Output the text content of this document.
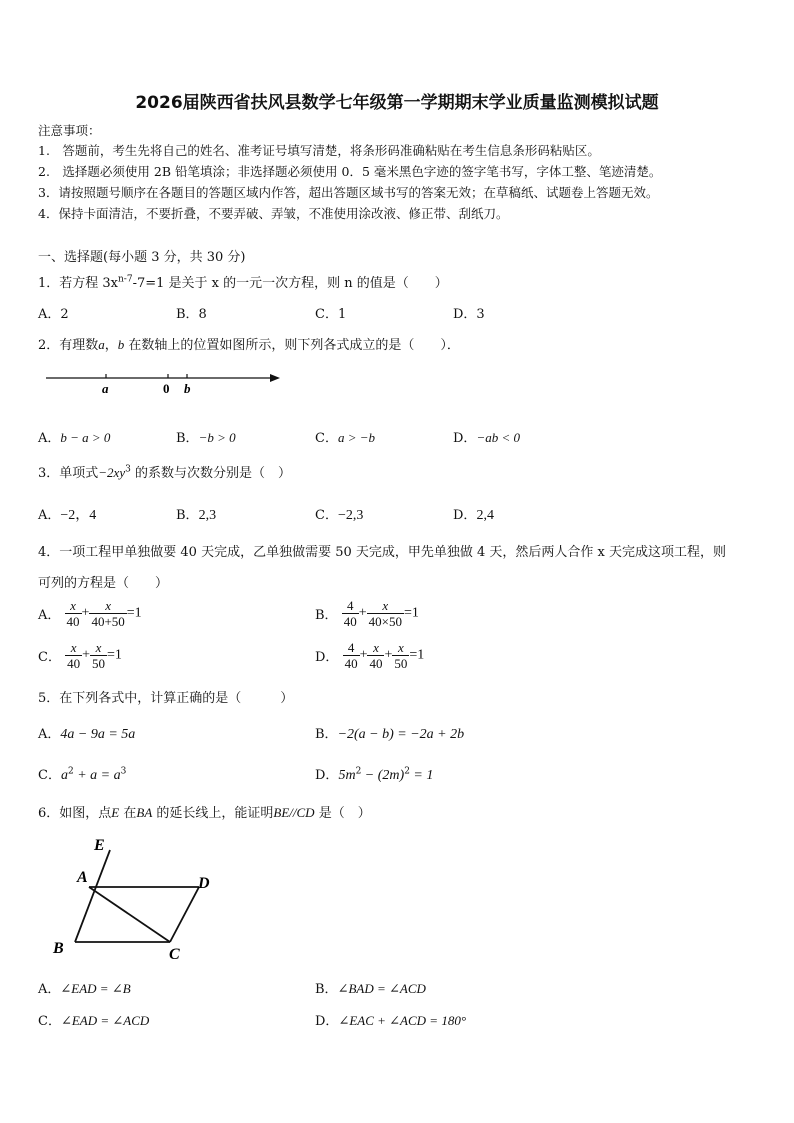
2026届陕西省扶风县数学七年级第一学期期末学业质量监测模拟试题
注意事项：
1.　答题前，考生先将自己的姓名、准考证号填写清楚，将条形码准确粘贴在考生信息条形码粘贴区。
2.　选择题必须使用 2B 铅笔填涂；非选择题必须使用 0．5 毫米黑色字迹的签字笔书写，字体工整、笔迹清楚。
3．请按照题号顺序在各题目的答题区域内作答，超出答题区域书写的答案无效；在草稿纸、试题卷上答题无效。
4．保持卡面清洁，不要折叠，不要弄破、弄皱，不准使用涂改液、修正带、刮纸刀。
一、选择题(每小题 3 分，共 30 分)
1．若方程 $3x^{n-7}-7=1$ 是关于 x 的一元一次方程，则 n 的值是（　　）
A．2	B．8	C．1	D．3
2．有理数a，b 在数轴上的位置如图所示，则下列各式成立的是（　　）．
a	0 b
A．b − a > 0	B．−b > 0	C．a > −b	D．−ab < 0
3．单项式$-2xy^3$ 的系数与次数分别是（　）
A．−2，4	B．2,3	C．−2,3	D．2,4
4．一项工程甲单独做要 40 天完成，乙单独做需要 50 天完成，甲先单独做 4 天，然后两人合作 x 天完成这项工程，则
可列的方程是（　　）
A． $\frac{x}{40} + \frac{x}{40+50} =1$	B． $\frac{4}{40} + \frac{x}{40\times 50} =1$
C． $\frac{x}{40} + \frac{x}{50} =1$	D． $\frac{4}{40} + \frac{x}{40} + \frac{x}{50} =1$
5．在下列各式中，计算正确的是（　　　）
A．4a − 9a = 5a	B．−2(a − b) = −2a + 2b
C．$a^2 + a = a^3$	D．$5m^2 - (2m)^2 = 1$
6．如图，点E 在BA 的延长线上，能证明BE//CD 是（　）
E
A	D
B	C
A．∠EAD = ∠B	B．∠BAD = ∠ACD
C．∠EAD = ∠ACD	D．∠EAC + ∠ACD = 180°
